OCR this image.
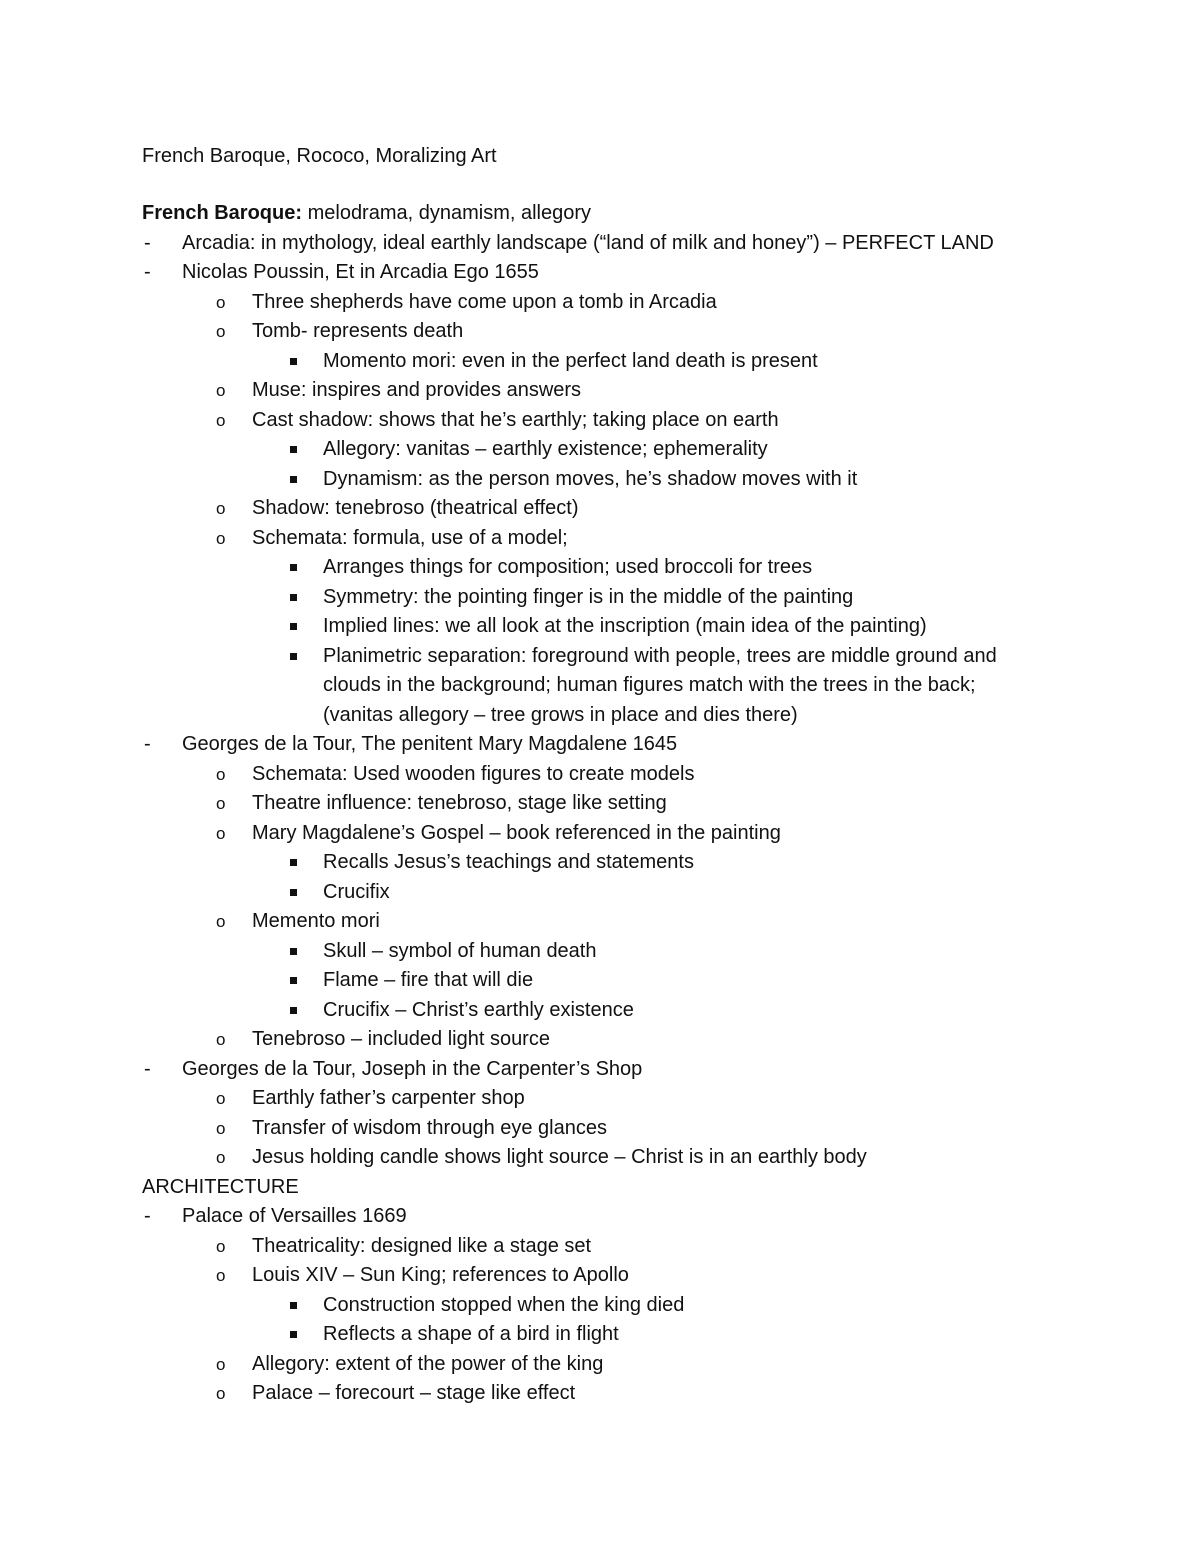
French Baroque, Rococo, Moralizing Art
French Baroque: melodrama, dynamism, allegory
- Arcadia: in mythology, ideal earthly landscape (“land of milk and honey”) – PERFECT LAND
- Nicolas Poussin, Et in Arcadia Ego 1655
o Three shepherds have come upon a tomb in Arcadia
o Tomb- represents death
Momento mori: even in the perfect land death is present
o Muse: inspires and provides answers
o Cast shadow: shows that he’s earthly; taking place on earth
Allegory: vanitas – earthly existence; ephemerality
Dynamism: as the person moves, he’s shadow moves with it
o Shadow: tenebroso (theatrical effect)
o Schemata: formula, use of a model;
Arranges things for composition; used broccoli for trees
Symmetry: the pointing finger is in the middle of the painting
Implied lines: we all look at the inscription (main idea of the painting)
Planimetric separation: foreground with people, trees are middle ground and
clouds in the background; human figures match with the trees in the back;
(vanitas allegory – tree grows in place and dies there)
- Georges de la Tour, The penitent Mary Magdalene 1645
o Schemata: Used wooden figures to create models
o Theatre influence: tenebroso, stage like setting
o Mary Magdalene’s Gospel – book referenced in the painting
Recalls Jesus’s teachings and statements
Crucifix
o Memento mori
Skull – symbol of human death
Flame – fire that will die
Crucifix – Christ’s earthly existence
o Tenebroso – included light source
- Georges de la Tour, Joseph in the Carpenter’s Shop
o Earthly father’s carpenter shop
o Transfer of wisdom through eye glances
o Jesus holding candle shows light source – Christ is in an earthly body
ARCHITECTURE
- Palace of Versailles 1669
o Theatricality: designed like a stage set
o Louis XIV – Sun King; references to Apollo
Construction stopped when the king died
Reflects a shape of a bird in flight
o Allegory: extent of the power of the king
o Palace – forecourt – stage like effect
